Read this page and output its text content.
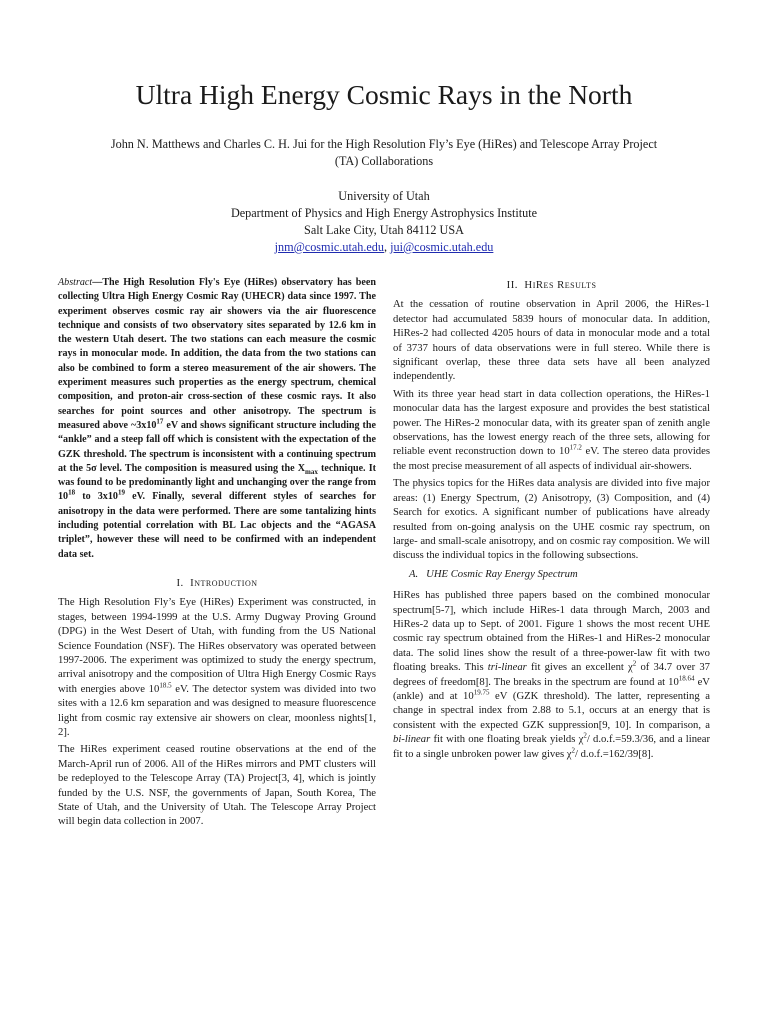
Ultra High Energy Cosmic Rays in the North
John N. Matthews and Charles C. H. Jui for the High Resolution Fly’s Eye (HiRes) and Telescope Array Project (TA) Collaborations
University of Utah
Department of Physics and High Energy Astrophysics Institute
Salt Lake City, Utah 84112 USA
jnm@cosmic.utah.edu, jui@cosmic.utah.edu
Abstract—The High Resolution Fly's Eye (HiRes) observatory has been collecting Ultra High Energy Cosmic Ray (UHECR) data since 1997. The experiment observes cosmic ray air showers via the air fluorescence technique and consists of two observatory sites separated by 12.6 km in the western Utah desert. The two stations can each measure the cosmic rays in monocular mode. In addition, the data from the two stations can also be combined to form a stereo measurement of the air showers. The experiment measures such properties as the energy spectrum, chemical composition, and proton-air cross-section of these cosmic rays. It also searches for point sources and other anisotropy. The spectrum is measured above $\sim 3x10^{17}$ eV and shows significant structure including the “ankle” and a steep fall off which is consistent with the expectation of the GZK threshold. The spectrum is inconsistent with a continuing spectrum at the 5σ level. The composition is measured using the $X_{max}$ technique. It was found to be predominantly light and unchanging over the range from $10^{18}$ to $3x10^{19}$ eV. Finally, several different styles of searches for anisotropy in the data were performed. There are some tantalizing hints including potential correlation with BL Lac objects and the “AGASA triplet”, however these will need to be confirmed with an independent data set.
I. Introduction
The High Resolution Fly’s Eye (HiRes) Experiment was constructed, in stages, between 1994-1999 at the U.S. Army Dugway Proving Ground (DPG) in the West Desert of Utah, with funding from the US National Science Foundation (NSF). The HiRes observatory was operated between 1997-2006. The experiment was optimized to study the energy spectrum, arrival anisotropy and the composition of Ultra High Energy Cosmic Rays with energies above $10^{18.5}$ eV. The detector system was divided into two sites with a 12.6 km separation and was designed to measure fluorescence light from cosmic ray extensive air showers on clear, moonless nights[1, 2].
The HiRes experiment ceased routine observations at the end of the March-April run of 2006. All of the HiRes mirrors and PMT clusters will be redeployed to the Telescope Array (TA) Project[3, 4], which is jointly funded by the U.S. NSF, the governments of Japan, South Korea, The State of Utah, and the University of Utah. The Telescope Array Project will begin data collection in 2007.
II. HiRes Results
At the cessation of routine observation in April 2006, the HiRes-1 detector had accumulated 5839 hours of monocular data. In addition, HiRes-2 had collected 4205 hours of data in monocular mode and a total of 3737 hours of data observations were in full stereo. While there is significant overlap, these three data sets have all been analyzed independently.
With its three year head start in data collection operations, the HiRes-1 monocular data has the largest exposure and provides the best statistical power. The HiRes-2 monocular data, with its greater span of zenith angle observations, has the lowest energy reach of the three sets, allowing for reliable event reconstruction down to $10^{17.2}$ eV. The stereo data provides the most precise measurement of all aspects of individual air-showers.
The physics topics for the HiRes data analysis are divided into five major areas: (1) Energy Spectrum, (2) Anisotropy, (3) Composition, and (4) Search for exotics. A significant number of publications have already resulted from on-going analysis on the UHE cosmic ray spectrum, on large- and small-scale anisotropy, and on cosmic ray composition. We will discuss the individual topics in the following subsections.
A. UHE Cosmic Ray Energy Spectrum
HiRes has published three papers based on the combined monocular spectrum[5-7], which include HiRes-1 data through March, 2003 and HiRes-2 data up to Sept. of 2001. Figure 1 shows the most recent UHE cosmic ray spectrum obtained from the HiRes-1 and HiRes-2 monocular data. The solid lines show the result of a three-power-law fit with two floating breaks. This tri-linear fit gives an excellent $\chi^2$ of 34.7 over 37 degrees of freedom[8]. The breaks in the spectrum are found at $10^{18.64}$ eV (ankle) and at $10^{19.75}$ eV (GZK threshold). The latter, representing a change in spectral index from 2.88 to 5.1, occurs at an energy that is consistent with the expected GZK suppression[9, 10]. In comparison, a bi-linear fit with one floating break yields $\chi^2/$ d.o.f.=59.3/36, and a linear fit to a single unbroken power law gives $\chi^2/$ d.o.f.=162/39[8].
